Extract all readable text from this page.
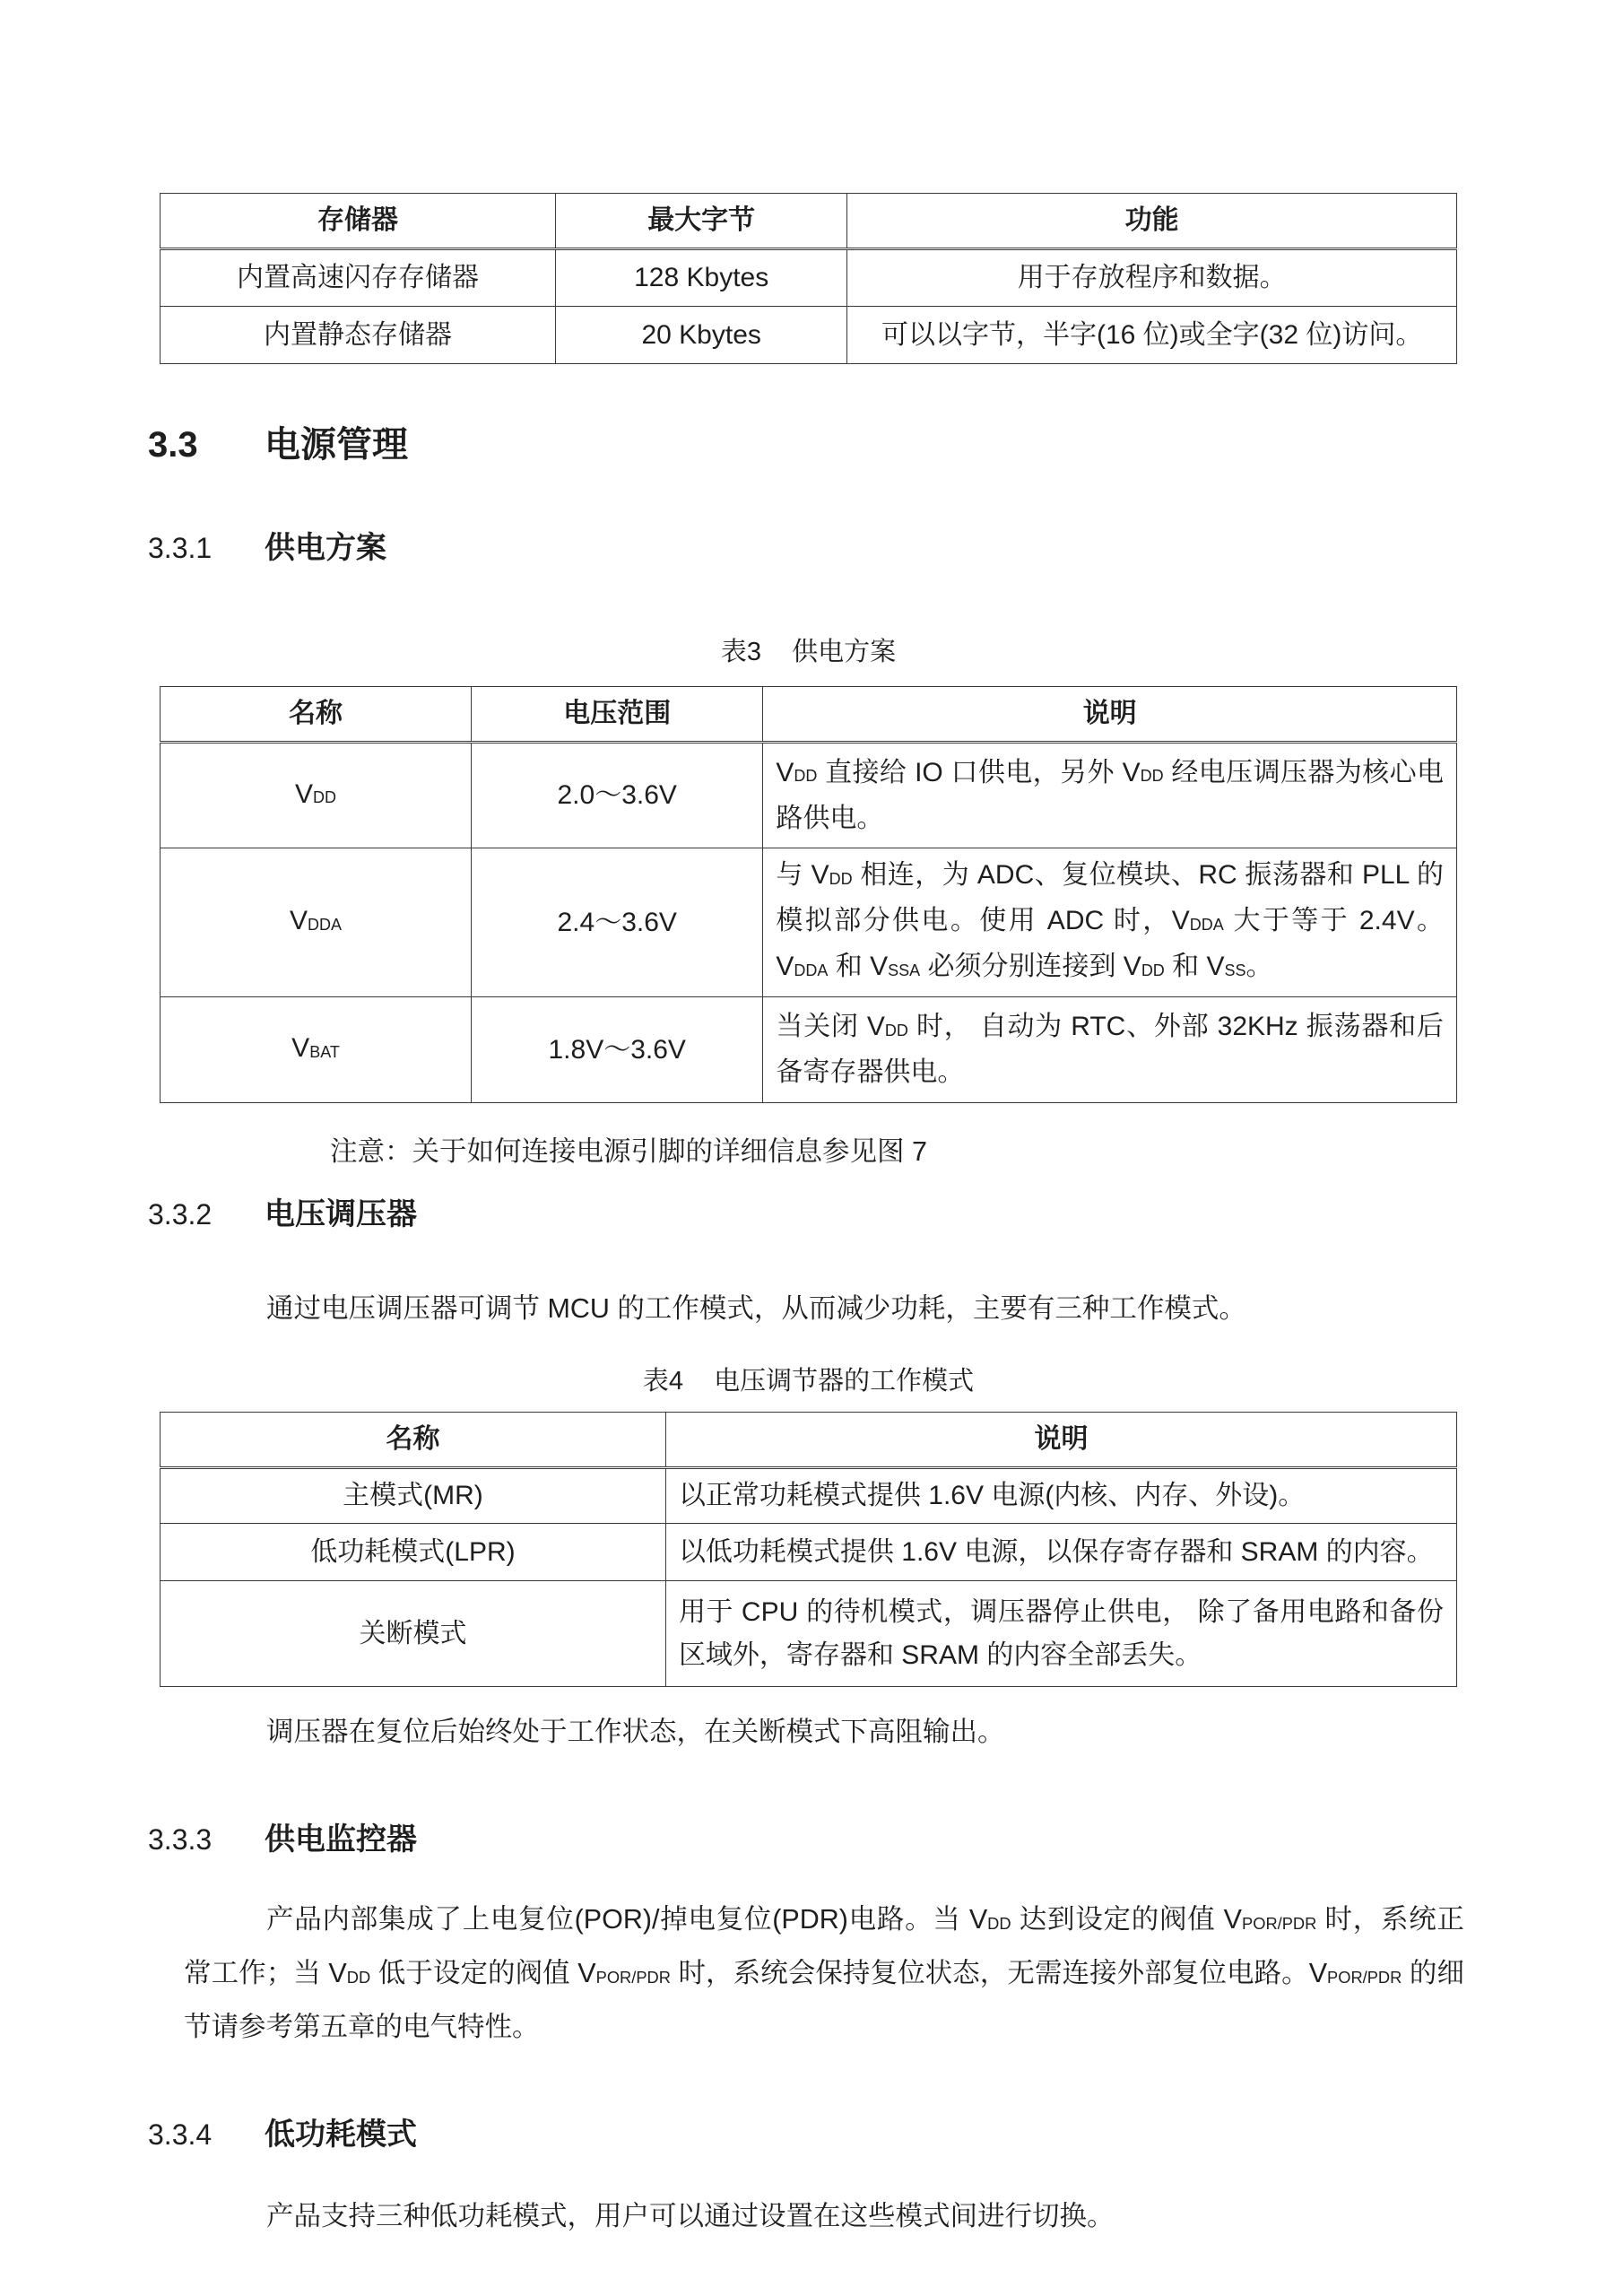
存储器	最大字节	功能
内置高速闪存存储器	128 Kbytes	用于存放程序和数据。
内置静态存储器	20 Kbytes	可以以字节，半字(16 位)或全字(32 位)访问。
3.3	电源管理
3.3.1	供电方案
表3 供电方案
名称	电压范围	说明
$V_{DD}$	2.0～3.6V	$V_{DD}$ 直接给 IO 口供电，另外 $V_{DD}$ 经电压调压器为核心电路供电。
$V_{DDA}$	2.4～3.6V	与 $V_{DD}$ 相连，为 ADC、复位模块、RC 振荡器和 PLL 的模拟部分供电。使用 ADC 时，$V_{DDA}$ 大于等于 2.4V。$V_{DDA}$ 和 $V_{SSA}$ 必须分别连接到 $V_{DD}$ 和 $V_{SS}$。
$V_{BAT}$	1.8V～3.6V	当关闭 $V_{DD}$ 时， 自动为 RTC、外部 32KHz 振荡器和后备寄存器供电。
注意：关于如何连接电源引脚的详细信息参见图 7
3.3.2	电压调压器
通过电压调压器可调节 MCU 的工作模式，从而减少功耗，主要有三种工作模式。
表4 电压调节器的工作模式
名称	说明
主模式(MR)	以正常功耗模式提供 1.6V 电源(内核、内存、外设)。
低功耗模式(LPR)	以低功耗模式提供 1.6V 电源，以保存寄存器和 SRAM 的内容。
关断模式	用于 CPU 的待机模式，调压器停止供电， 除了备用电路和备份区域外，寄存器和 SRAM 的内容全部丢失。
调压器在复位后始终处于工作状态，在关断模式下高阻输出。
3.3.3	供电监控器
产品内部集成了上电复位(POR)/掉电复位(PDR)电路。当 $V_{DD}$ 达到设定的阀值 $V_{POR/PDR}$ 时，系统正常工作；当 $V_{DD}$ 低于设定的阀值 $V_{POR/PDR}$ 时，系统会保持复位状态，无需连接外部复位电路。$V_{POR/PDR}$ 的细节请参考第五章的电气特性。
3.3.4	低功耗模式
产品支持三种低功耗模式，用户可以通过设置在这些模式间进行切换。
